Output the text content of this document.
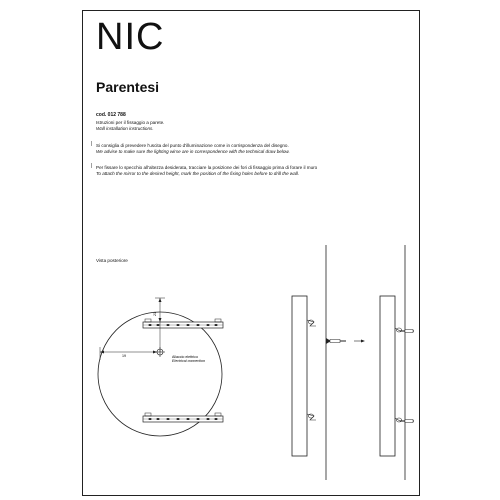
NIC
Parentesi
cod. 012 788
Istruzioni per il fissaggio a parete.
Wall installation instructions.
| Si consiglia di prevedere l'uscita del punto d'illuminazione come in corrispondenza del disegno.
We advise to make sure the lighting wirse are in correspondence with the technical draw below.
| Per fissare lo specchio all'altezza desiderata, tracciare la posizione dei fori di fissaggio prima di forare il muro
To attach the mirror to the desired height, mark the position of the fixing holes before to drill the wall.
Vista posteriore
21
19	Allaccio elettrico
Electrical connection
